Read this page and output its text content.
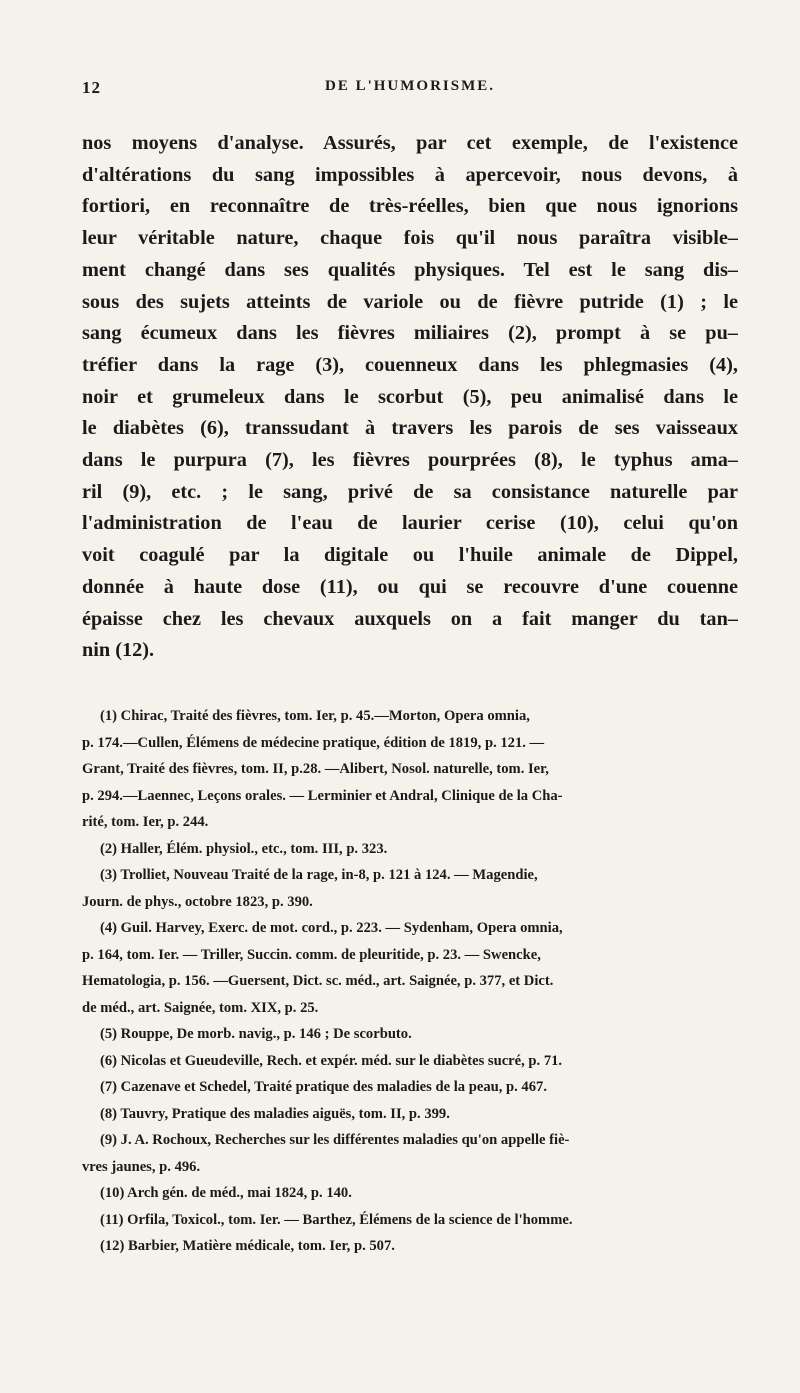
12	DE L'HUMORISME.
nos moyens d'analyse. Assurés, par cet exemple, de l'existence
d'altérations du sang impossibles à apercevoir, nous devons, à
fortiori, en reconnaître de très-réelles, bien que nous ignorions
leur véritable nature, chaque fois qu'il nous paraîtra visible–
ment changé dans ses qualités physiques. Tel est le sang dis–
sous des sujets atteints de variole ou de fièvre putride (1) ; le
sang écumeux dans les fièvres miliaires (2), prompt à se pu–
tréfier dans la rage (3), couenneux dans les phlegmasies (4),
noir et grumeleux dans le scorbut (5), peu animalisé dans le
le diabètes (6), transsudant à travers les parois de ses vaisseaux
dans le purpura (7), les fièvres pourprées (8), le typhus ama–
ril (9), etc. ; le sang, privé de sa consistance naturelle par
l'administration de l'eau de laurier cerise (10), celui qu'on
voit coagulé par la digitale ou l'huile animale de Dippel,
donnée à haute dose (11), ou qui se recouvre d'une couenne
épaisse chez les chevaux auxquels on a fait manger du tan–
nin (12).
(1) Chirac, Traité des fièvres, tom. Ier, p. 45.—Morton, Opera omnia,
p. 174.—Cullen, Élémens de médecine pratique, édition de 1819, p. 121. —
Grant, Traité des fièvres, tom. II, p.28. —Alibert, Nosol. naturelle, tom. Ier,
p. 294.—Laennec, Leçons orales. — Lerminier et Andral, Clinique de la Cha-
rité, tom. Ier, p. 244.
(2) Haller, Élém. physiol., etc., tom. III, p. 323.
(3) Trolliet, Nouveau Traité de la rage, in-8, p. 121 à 124. — Magendie,
Journ. de phys., octobre 1823, p. 390.
(4) Guil. Harvey, Exerc. de mot. cord., p. 223. — Sydenham, Opera omnia,
p. 164, tom. Ier. — Triller, Succin. comm. de pleuritide, p. 23. — Swencke,
Hematologia, p. 156. —Guersent, Dict. sc. méd., art. Saignée, p. 377, et Dict.
de méd., art. Saignée, tom. XIX, p. 25.
(5) Rouppe, De morb. navig., p. 146 ; De scorbuto.
(6) Nicolas et Gueudeville, Rech. et expér. méd. sur le diabètes sucré, p. 71.
(7) Cazenave et Schedel, Traité pratique des maladies de la peau, p. 467.
(8) Tauvry, Pratique des maladies aiguës, tom. II, p. 399.
(9) J. A. Rochoux, Recherches sur les différentes maladies qu'on appelle fiè-
vres jaunes, p. 496.
(10) Arch gén. de méd., mai 1824, p. 140.
(11) Orfila, Toxicol., tom. Ier. — Barthez, Élémens de la science de l'homme.
(12) Barbier, Matière médicale, tom. Ier, p. 507.
